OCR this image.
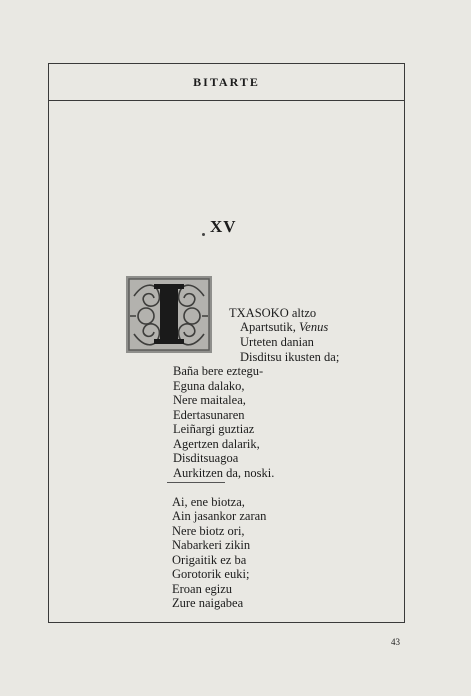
BITARTE
XV
I
TXASOKO altzo
Apartsutik, Venus
Urteten danian
Disditsu ikusten da;
Baña bere eztegu-
Eguna dalako,
Nere maitalea,
Edertasunaren
Leiñargi guztiaz
Agertzen dalarik,
Disditsuagoa
Aurkitzen da, noski.
Ai, ene biotza,
Ain jasankor zaran
Nere biotz ori,
Nabarkeri zikin
Origaitik ez ba
Gorotorik euki;
Eroan egizu
Zure naigabea
43
